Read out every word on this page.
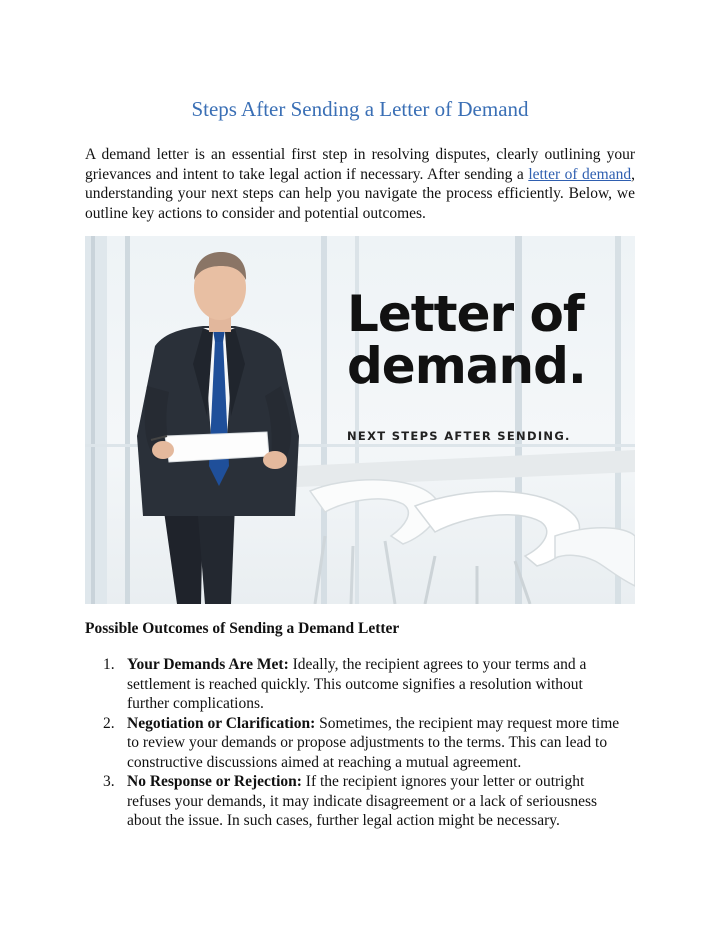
Steps After Sending a Letter of Demand

A demand letter is an essential first step in resolving disputes, clearly outlining your grievances and intent to take legal action if necessary. After sending a letter of demand, understanding your next steps can help you navigate the process efficiently. Below, we outline key actions to consider and potential outcomes.

Letter of
demand.
NEXT STEPS AFTER SENDING.
Possible Outcomes of Sending a Demand Letter
1. Your Demands Are Met: Ideally, the recipient agrees to your terms and a settlement is reached quickly. This outcome signifies a resolution without further complications.
2. Negotiation or Clarification: Sometimes, the recipient may request more time to review your demands or propose adjustments to the terms. This can lead to constructive discussions aimed at reaching a mutual agreement.
3. No Response or Rejection: If the recipient ignores your letter or outright refuses your demands, it may indicate disagreement or a lack of seriousness about the issue. In such cases, further legal action might be necessary.
